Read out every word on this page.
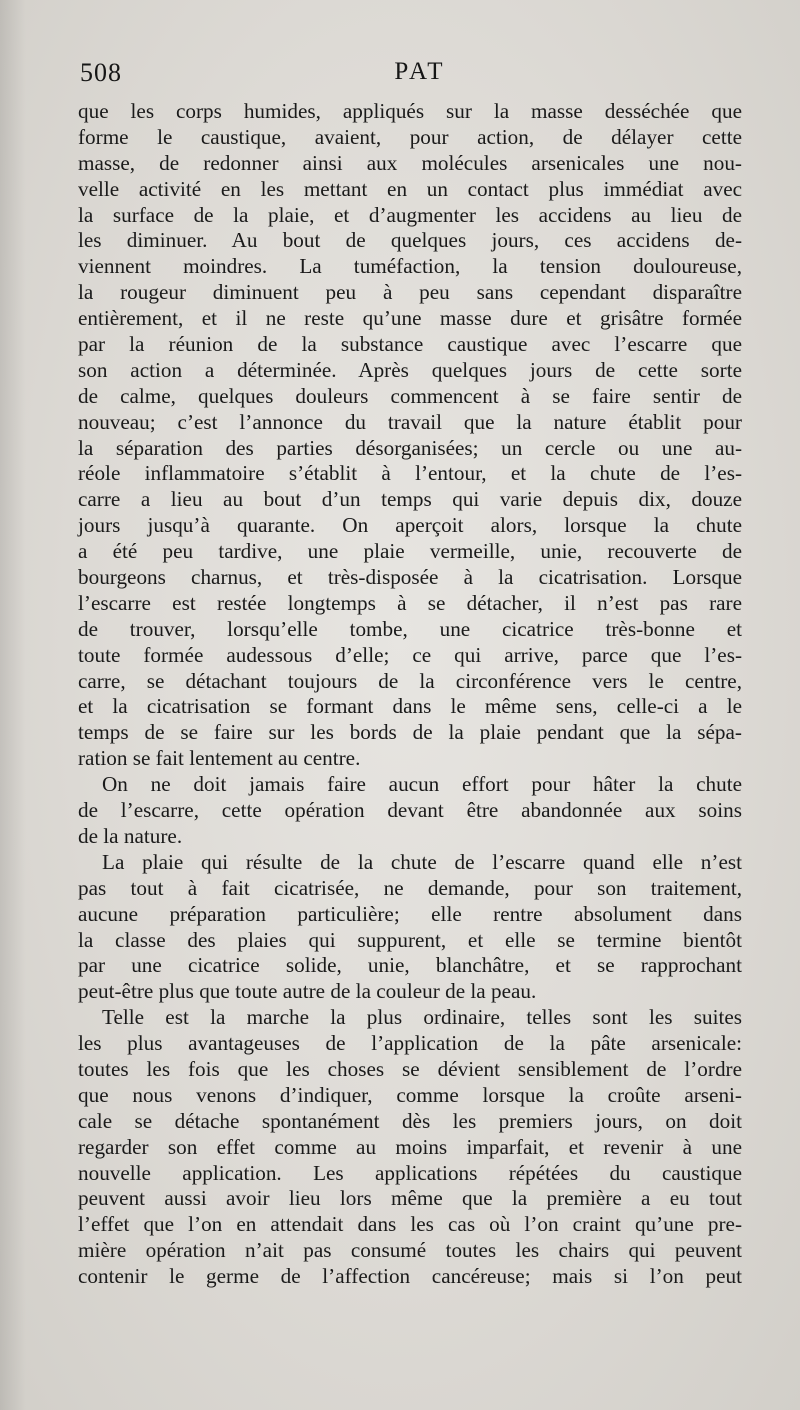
508	PAT
que les corps humides, appliqués sur la masse desséchée que
forme le caustique, avaient, pour action, de délayer cette
masse, de redonner ainsi aux molécules arsenicales une nou-
velle activité en les mettant en un contact plus immédiat avec
la surface de la plaie, et d’augmenter les accidens au lieu de
les diminuer. Au bout de quelques jours, ces accidens de-
viennent moindres. La tuméfaction, la tension douloureuse,
la rougeur diminuent peu à peu sans cependant disparaître
entièrement, et il ne reste qu’une masse dure et grisâtre formée
par la réunion de la substance caustique avec l’escarre que
son action a déterminée. Après quelques jours de cette sorte
de calme, quelques douleurs commencent à se faire sentir de
nouveau; c’est l’annonce du travail que la nature établit pour
la séparation des parties désorganisées; un cercle ou une au-
réole inflammatoire s’établit à l’entour, et la chute de l’es-
carre a lieu au bout d’un temps qui varie depuis dix, douze
jours jusqu’à quarante. On aperçoit alors, lorsque la chute
a été peu tardive, une plaie vermeille, unie, recouverte de
bourgeons charnus, et très-disposée à la cicatrisation. Lorsque
l’escarre est restée longtemps à se détacher, il n’est pas rare
de trouver, lorsqu’elle tombe, une cicatrice très-bonne et
toute formée audessous d’elle; ce qui arrive, parce que l’es-
carre, se détachant toujours de la circonférence vers le centre,
et la cicatrisation se formant dans le même sens, celle-ci a le
temps de se faire sur les bords de la plaie pendant que la sépa-
ration se fait lentement au centre.
On ne doit jamais faire aucun effort pour hâter la chute
de l’escarre, cette opération devant être abandonnée aux soins
de la nature.
La plaie qui résulte de la chute de l’escarre quand elle n’est
pas tout à fait cicatrisée, ne demande, pour son traitement,
aucune préparation particulière; elle rentre absolument dans
la classe des plaies qui suppurent, et elle se termine bientôt
par une cicatrice solide, unie, blanchâtre, et se rapprochant
peut-être plus que toute autre de la couleur de la peau.
Telle est la marche la plus ordinaire, telles sont les suites
les plus avantageuses de l’application de la pâte arsenicale:
toutes les fois que les choses se dévient sensiblement de l’ordre
que nous venons d’indiquer, comme lorsque la croûte arseni-
cale se détache spontanément dès les premiers jours, on doit
regarder son effet comme au moins imparfait, et revenir à une
nouvelle application. Les applications répétées du caustique
peuvent aussi avoir lieu lors même que la première a eu tout
l’effet que l’on en attendait dans les cas où l’on craint qu’une pre-
mière opération n’ait pas consumé toutes les chairs qui peuvent
contenir le germe de l’affection cancéreuse; mais si l’on peut
